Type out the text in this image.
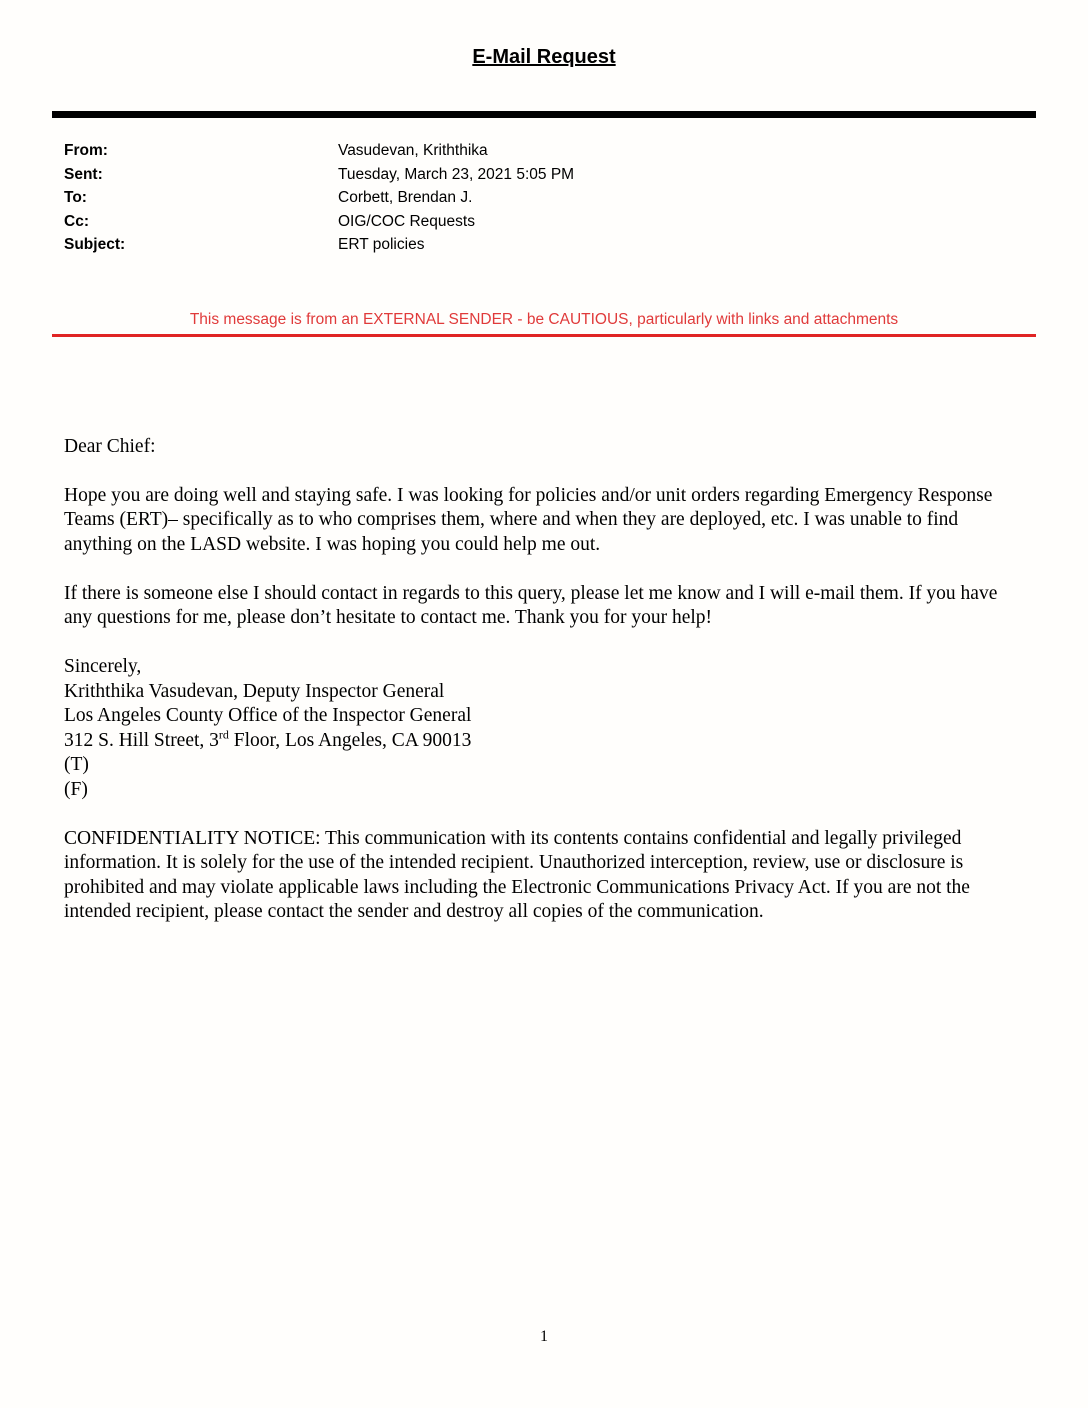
E-Mail Request
From:	Vasudevan, Kriththika
Sent:	Tuesday, March 23, 2021 5:05 PM
To:	Corbett, Brendan J.
Cc:	OIG/COC Requests
Subject:	ERT policies
This message is from an EXTERNAL SENDER - be CAUTIOUS, particularly with links and attachments

Dear Chief:

Hope you are doing well and staying safe. I was looking for policies and/or unit orders regarding Emergency Response Teams (ERT)– specifically as to who comprises them, where and when they are deployed, etc. I was unable to find anything on the LASD website. I was hoping you could help me out.

If there is someone else I should contact in regards to this query, please let me know and I will e-mail them. If you have any questions for me, please don’t hesitate to contact me. Thank you for your help!

Sincerely,
Kriththika Vasudevan, Deputy Inspector General
Los Angeles County Office of the Inspector General
312 S. Hill Street, 3rd Floor, Los Angeles, CA 90013
(T)
(F)

CONFIDENTIALITY NOTICE: This communication with its contents contains confidential and legally privileged information. It is solely for the use of the intended recipient. Unauthorized interception, review, use or disclosure is prohibited and may violate applicable laws including the Electronic Communications Privacy Act. If you are not the intended recipient, please contact the sender and destroy all copies of the communication.

1
